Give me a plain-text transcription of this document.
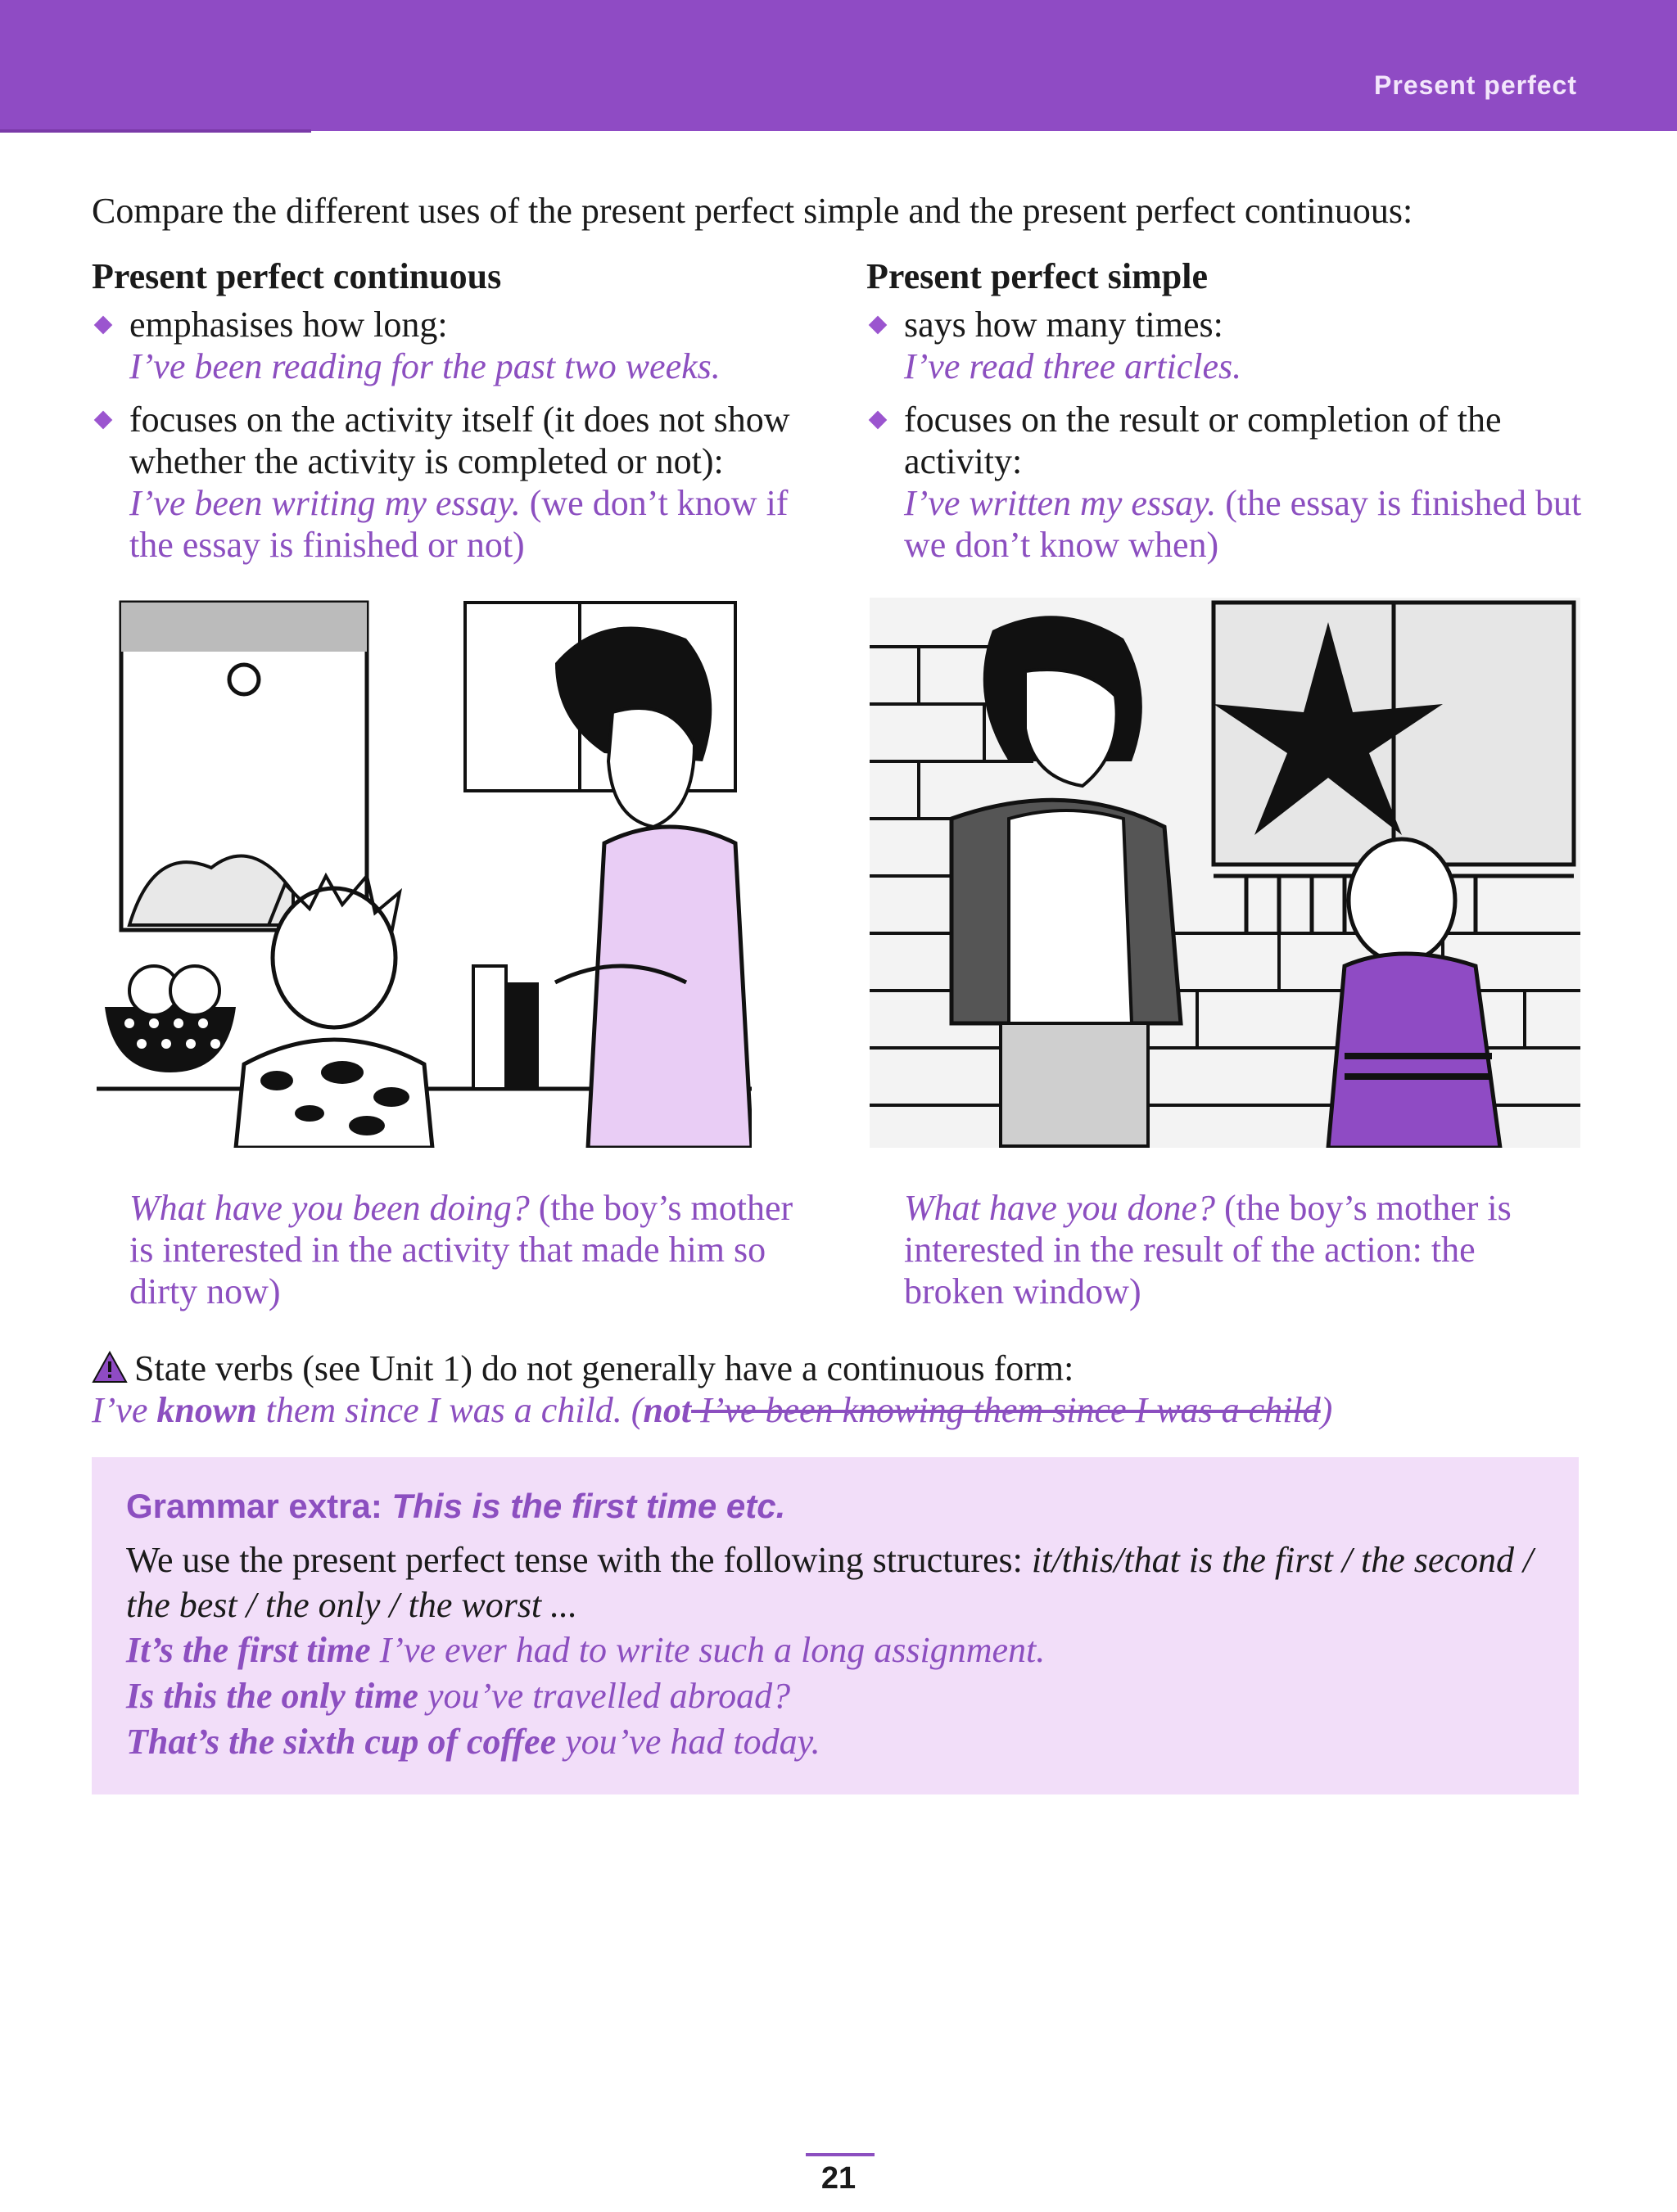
Present perfect
Compare the different uses of the present perfect simple and the present perfect continuous:
Present perfect continuous
emphasises how long:
I’ve been reading for the past two weeks.
focuses on the activity itself (it does not show whether the activity is completed or not):
I’ve been writing my essay. (we don’t know if the essay is finished or not)
Present perfect simple
says how many times:
I’ve read three articles.
focuses on the result or completion of the activity:
I’ve written my essay. (the essay is finished but we don’t know when)
What have you been doing? (the boy’s mother is interested in the activity that made him so dirty now)
What have you done? (the boy’s mother is interested in the result of the action: the broken window)
State verbs (see Unit 1) do not generally have a continuous form:
I’ve known them since I was a child. (not I’ve been knowing them since I was a child)
Grammar extra: This is the first time etc.
We use the present perfect tense with the following structures: it/this/that is the first / the second / the best / the only / the worst ...
It’s the first time I’ve ever had to write such a long assignment.
Is this the only time you’ve travelled abroad?
That’s the sixth cup of coffee you’ve had today.
21
